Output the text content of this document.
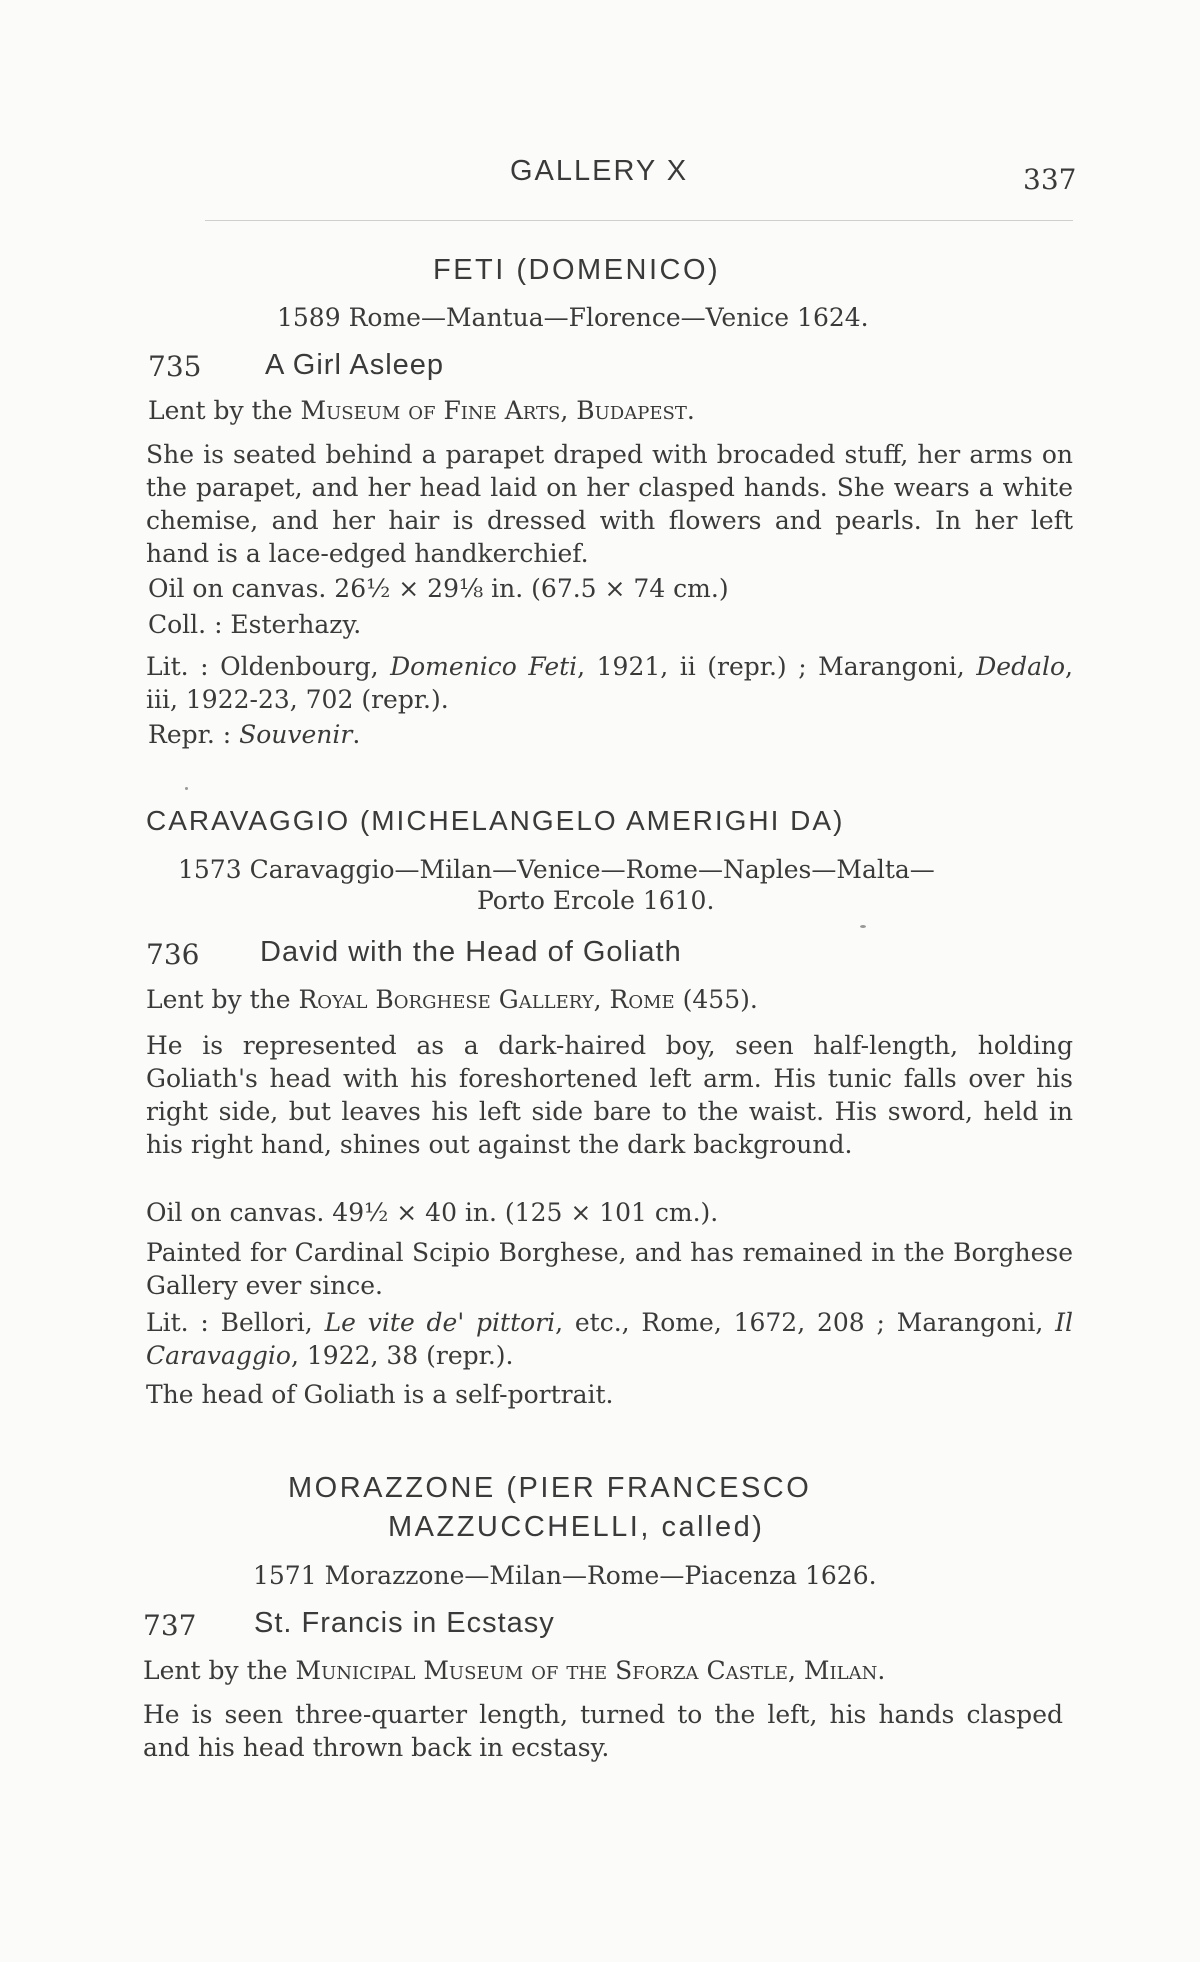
GALLERY X	337
FETI (DOMENICO)
1589 Rome—Mantua—Florence—Venice 1624.
735 A Girl Asleep
Lent by the Museum of Fine Arts, Budapest.
She is seated behind a parapet draped with brocaded stuff, her arms on the parapet, and her head laid on her clasped hands. She wears a white chemise, and her hair is dressed with flowers and pearls. In her left hand is a lace-edged handkerchief.
Oil on canvas. 26½ × 29⅛ in. (67.5 × 74 cm.)
Coll. : Esterhazy.
Lit. : Oldenbourg, Domenico Feti, 1921, ii (repr.) ; Marangoni, Dedalo, iii, 1922-23, 702 (repr.).
Repr. : Souvenir.
CARAVAGGIO (MICHELANGELO AMERIGHI DA)
1573 Caravaggio—Milan—Venice—Rome—Naples—Malta—
Porto Ercole 1610.
736 David with the Head of Goliath
Lent by the Royal Borghese Gallery, Rome (455).
He is represented as a dark-haired boy, seen half-length, holding Goliath's head with his foreshortened left arm. His tunic falls over his right side, but leaves his left side bare to the waist. His sword, held in his right hand, shines out against the dark background.
Oil on canvas. 49½ × 40 in. (125 × 101 cm.).
Painted for Cardinal Scipio Borghese, and has remained in the Borghese Gallery ever since.
Lit. : Bellori, Le vite de' pittori, etc., Rome, 1672, 208 ; Marangoni, Il Caravaggio, 1922, 38 (repr.).
The head of Goliath is a self-portrait.
MORAZZONE (PIER FRANCESCO
MAZZUCCHELLI, called)
1571 Morazzone—Milan—Rome—Piacenza 1626.
737 St. Francis in Ecstasy
Lent by the Municipal Museum of the Sforza Castle, Milan.
He is seen three-quarter length, turned to the left, his hands clasped and his head thrown back in ecstasy.
